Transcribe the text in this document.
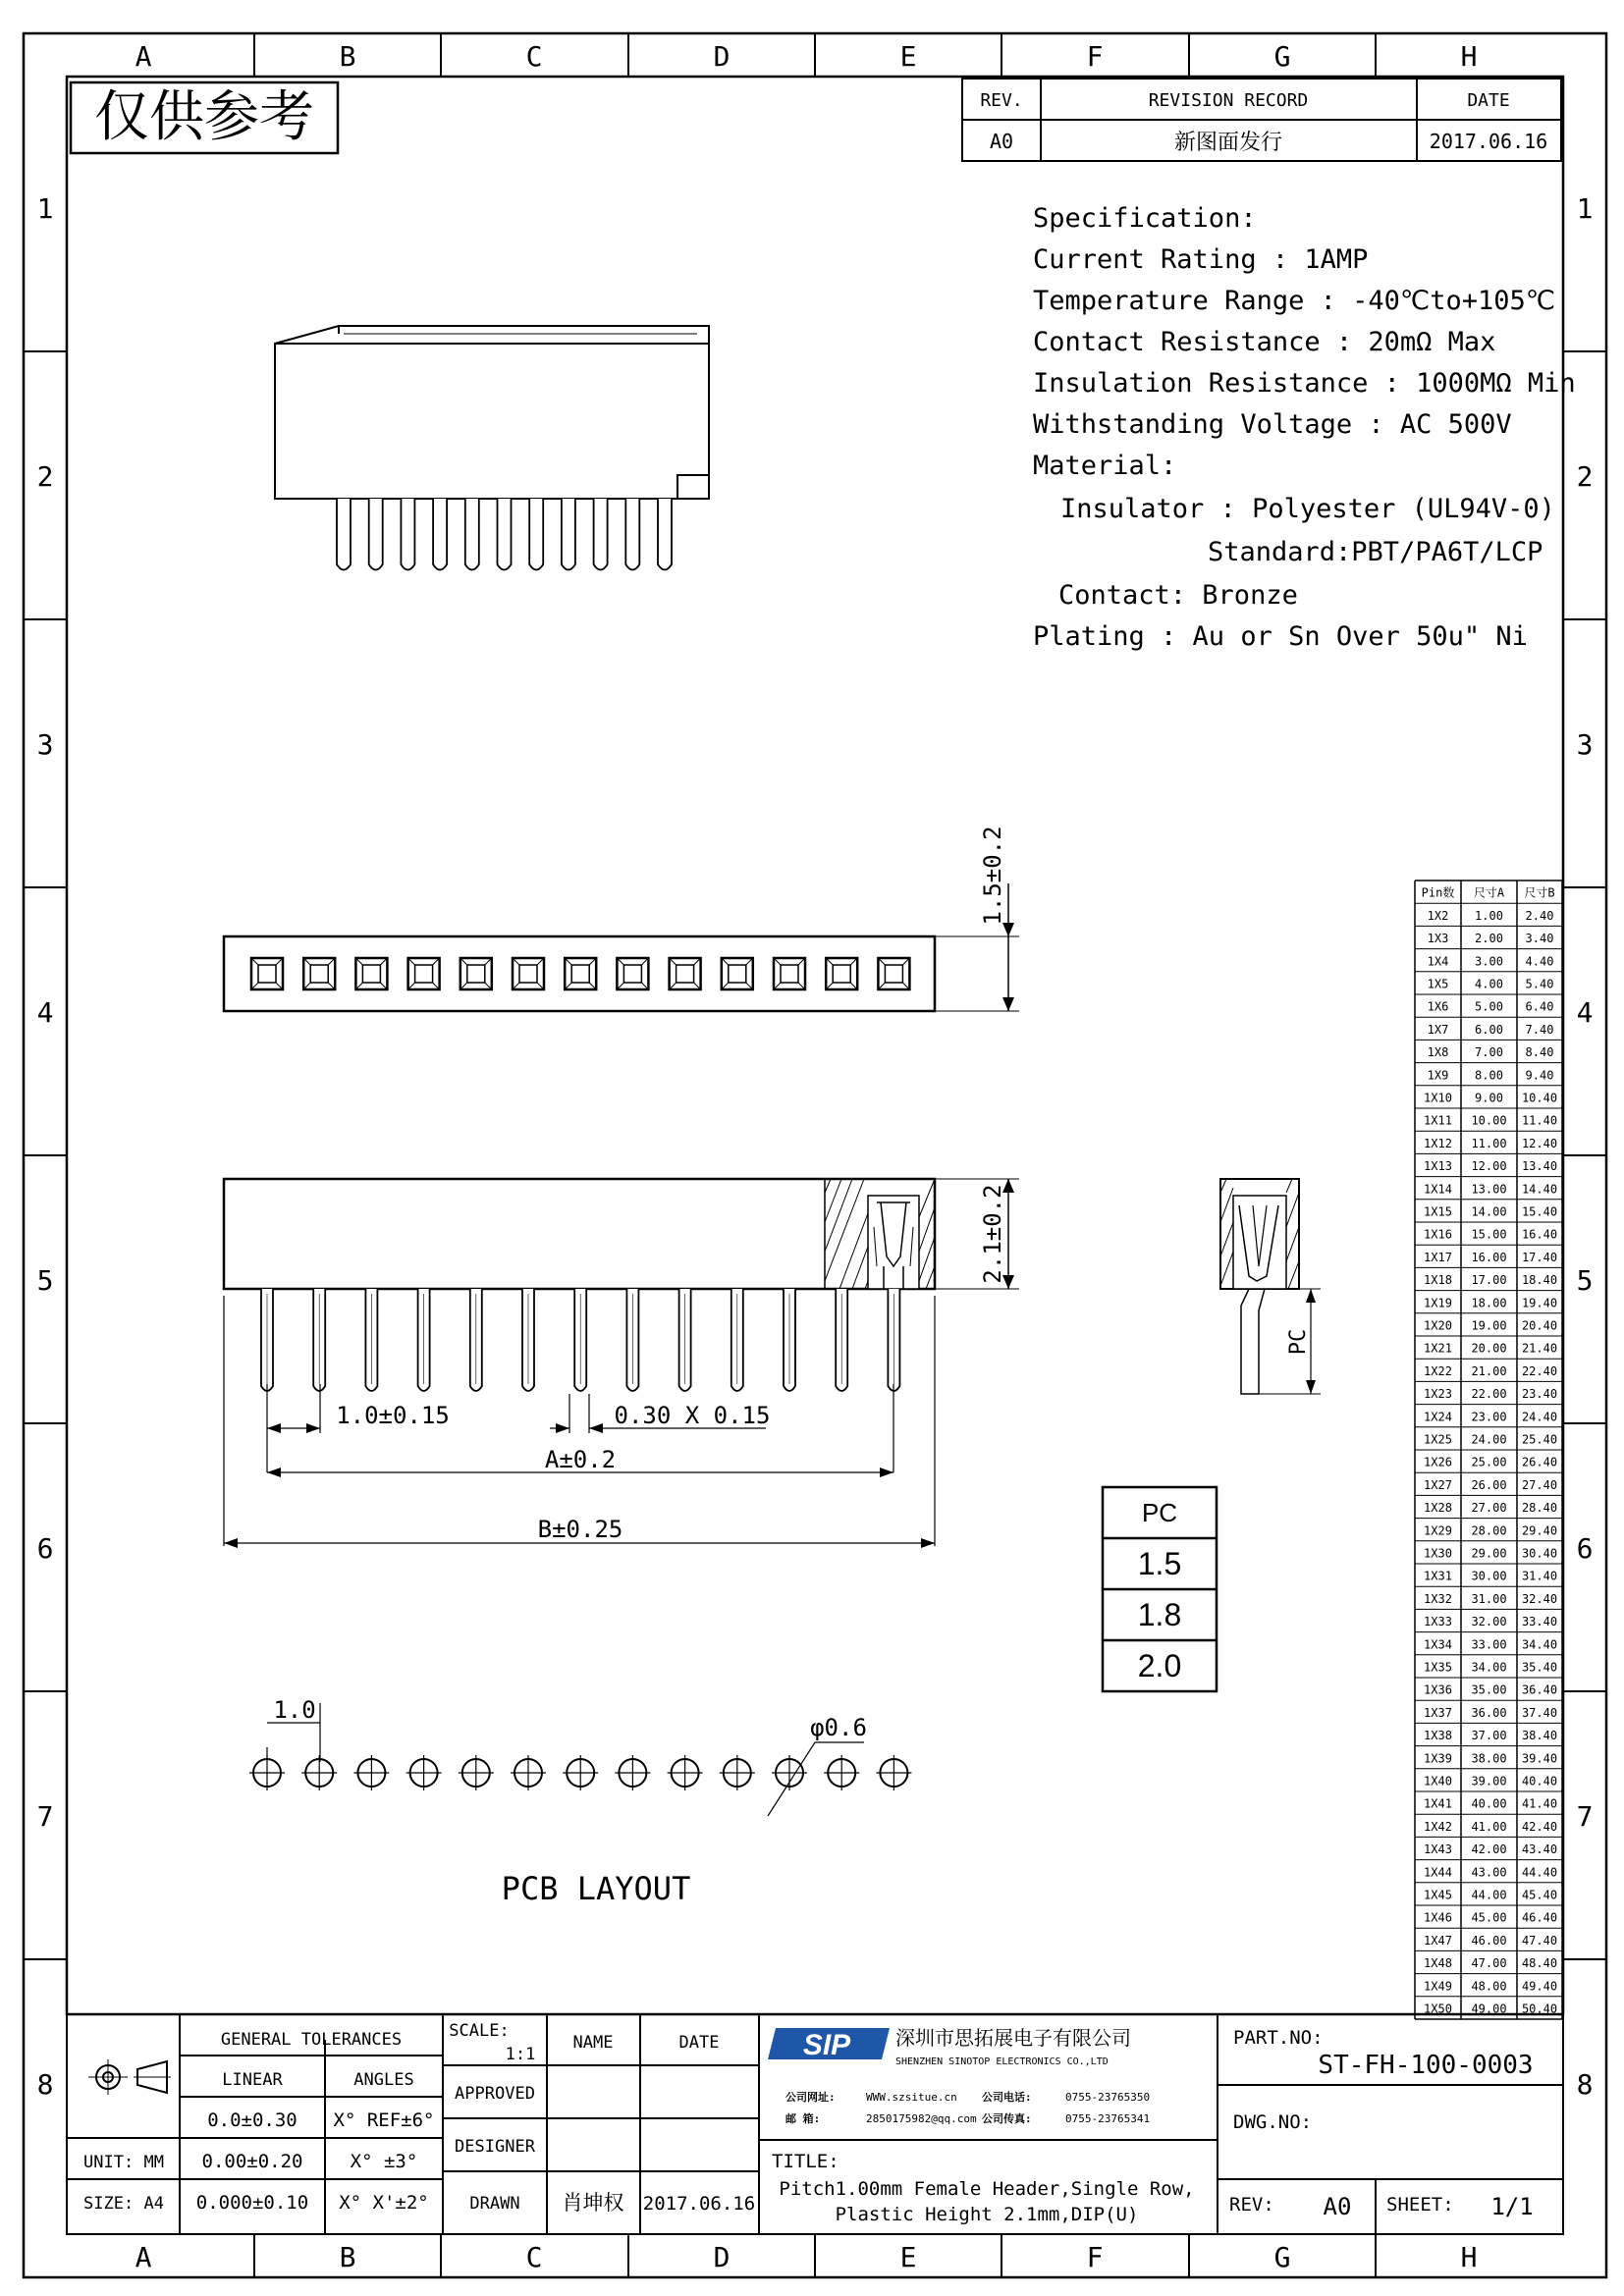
A	B	C	D	E	F	G	H
A	B	C	D	E	F	G	H
1
2
3
4
5
6
7
8
1
2
3
4
5
6
7
8
仅供参考	REV.	REVISION RECORD	DATE
A0	新图面发行	2017.06.16
Specification:
Current Rating : 1AMP
Temperature Range : -40℃to+105℃
Contact Resistance : 20mΩ Max
Insulation Resistance : 1000MΩ Min
Withstanding Voltage : AC 500V
Material:
Insulator : Polyester (UL94V-0)
Standard:PBT/PA6T/LCP
Contact: Bronze
Plating : Au or Sn Over 50u" Ni
1.5±0.2
2.1±0.2
1.0±0.15	0.30 X 0.15
A±0.2
B±0.25
PC
PC
1.5
1.8
2.0
1.0
φ0.6
PCB LAYOUT
Pin数 尺寸A 尺寸B
1X2 1.00 2.40
1X3 2.00 3.40
1X4 3.00 4.40
1X5 4.00 5.40
1X6 5.00 6.40
1X7 6.00 7.40
1X8 7.00 8.40
1X9 8.00 9.40
1X10 9.00 10.40
1X11 10.00 11.40
1X12 11.00 12.40
1X13 12.00 13.40
1X14 13.00 14.40
1X15 14.00 15.40
1X16 15.00 16.40
1X17 16.00 17.40
1X18 17.00 18.40
1X19 18.00 19.40
1X20 19.00 20.40
1X21 20.00 21.40
1X22 21.00 22.40
1X23 22.00 23.40
1X24 23.00 24.40
1X25 24.00 25.40
1X26 25.00 26.40
1X27 26.00 27.40
1X28 27.00 28.40
1X29 28.00 29.40
1X30 29.00 30.40
1X31 30.00 31.40
1X32 31.00 32.40
1X33 32.00 33.40
1X34 33.00 34.40
1X35 34.00 35.40
1X36 35.00 36.40
1X37 36.00 37.40
1X38 37.00 38.40
1X39 38.00 39.40
1X40 39.00 40.40
1X41 40.00 41.40
1X42 41.00 42.40
1X43 42.00 43.40
1X44 43.00 44.40
1X45 44.00 45.40
1X46 45.00 46.40
1X47 46.00 47.40
1X48 47.00 48.40
1X49 48.00 49.40
1X50 49.00 50.40
GENERAL TOLERANCES
LINEAR	ANGLES
0.0±0.30 X° REF±6°
0.00±0.20	X° ±3°
0.000±0.10 X° X'±2°
UNIT: MM
SIZE: A4
SCALE:
1:1
NAME	DATE
APPROVED
DESIGNER
DRAWN 肖坤权 2017.06.16
SIP 深圳市思拓展电子有限公司
SHENZHEN SINOTOP ELECTRONICS CO.,LTD
公司网址:	WWW.szsitue.cn 公司电话:	0755-23765350
邮 箱:	2850175982@qq.com 公司传真:	0755-23765341
TITLE:
Pitch1.00mm Female Header,Single Row,
Plastic Height 2.1mm,DIP(U)
PART.NO:
ST-FH-100-0003
DWG.NO:
REV: A0 SHEET: 1/1
